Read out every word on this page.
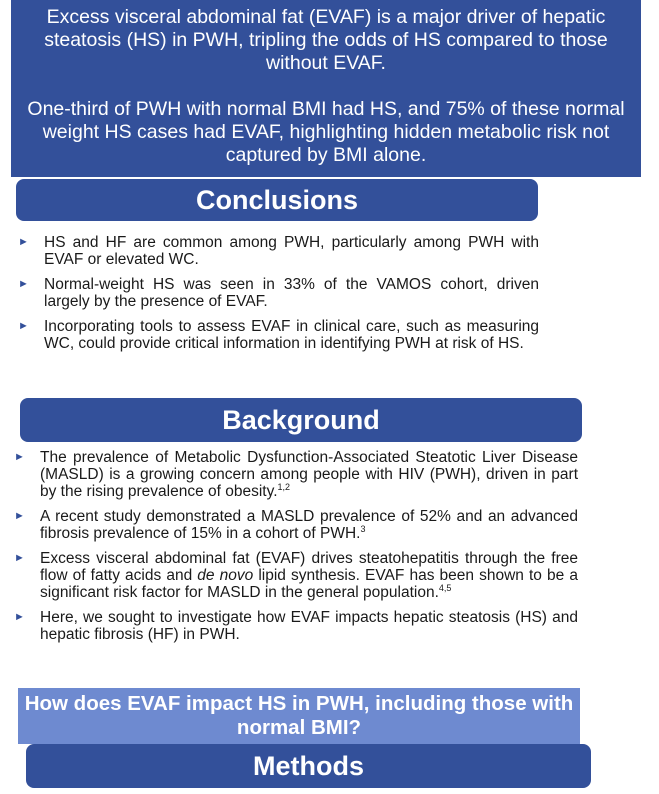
Excess visceral abdominal fat (EVAF) is a major driver of hepatic steatosis (HS) in PWH, tripling the odds of HS compared to those without EVAF.

One-third of PWH with normal BMI had HS, and 75% of these normal weight HS cases had EVAF, highlighting hidden metabolic risk not captured by BMI alone.

Conclusions
► HS and HF are common among PWH, particularly among PWH with EVAF or elevated WC.
► Normal-weight HS was seen in 33% of the VAMOS cohort, driven largely by the presence of EVAF.
► Incorporating tools to assess EVAF in clinical care, such as measuring WC, could provide critical information in identifying PWH at risk of HS.
Background
► The prevalence of Metabolic Dysfunction-Associated Steatotic Liver Disease (MASLD) is a growing concern among people with HIV (PWH), driven in part by the rising prevalence of obesity.$^{1,2}$
► A recent study demonstrated a MASLD prevalence of 52% and an advanced fibrosis prevalence of 15% in a cohort of PWH.$^3$
► Excess visceral abdominal fat (EVAF) drives steatohepatitis through the free flow of fatty acids and de novo lipid synthesis. EVAF has been shown to be a significant risk factor for MASLD in the general population.$^{4,5}$
► Here, we sought to investigate how EVAF impacts hepatic steatosis (HS) and hepatic fibrosis (HF) in PWH.
How does EVAF impact HS in PWH, including those with normal BMI?
Methods
